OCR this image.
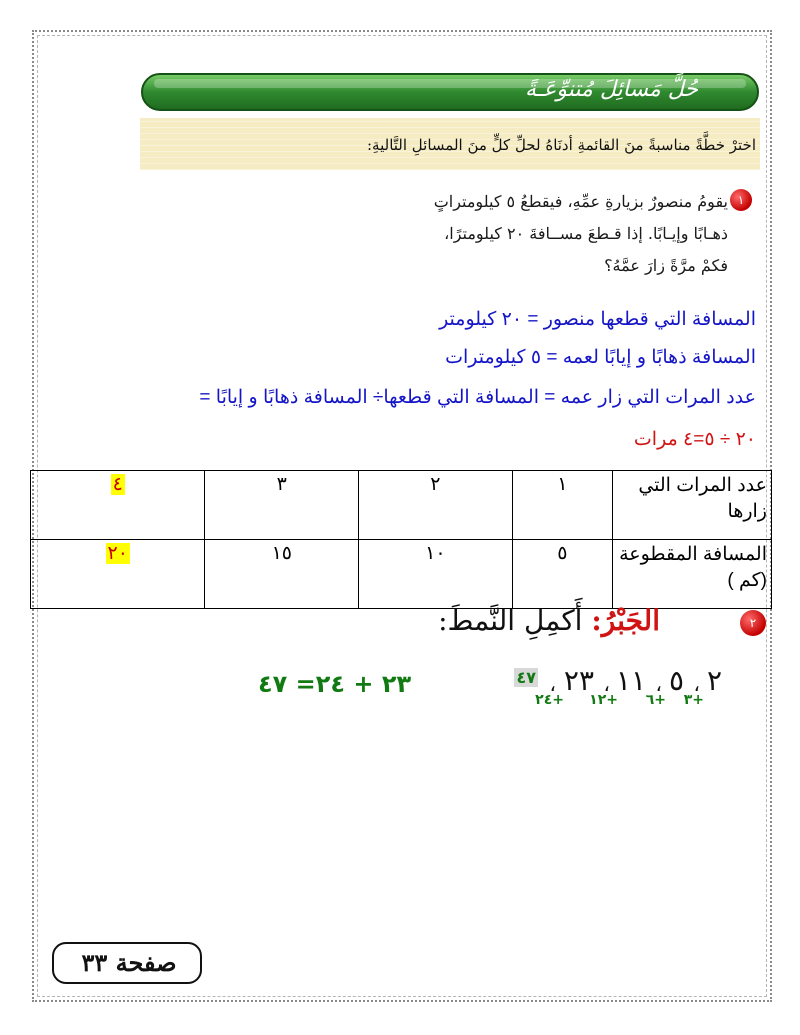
حُلَّ مَسائِلَ مُتنوِّعَـةً
اخترْ خطَّةً مناسبةً منَ القائمةِ أدنَاهُ لحلِّ كلٍّ منَ المسائلِ التَّاليةِ:
١
يقومُ منصورٌ بزيارةِ عمِّهِ، فيقطعُ ٥ كيلومتراتٍ
ذهـابًا وإيـابًا. إذا قـطعَ مســافةَ ٢٠ كيلومترًا،
فكمْ مرَّةً زارَ عمَّهُ؟
المسافة التي قطعها منصور = ٢٠ كيلومتر
المسافة ذهابًا و إيابًا لعمه = ٥ كيلومترات
عدد المرات التي زار عمه = المسافة التي قطعها÷ المسافة ذهابًا و إيابًا =
٢٠ ÷ ٥=٤ مرات
عدد المرات التي زارها	١	٢	٣	٤
المسافة المقطوعة (كم )	٥	١٠	١٥	٢٠
٢
الجَبْرُ: أَكمِلِ النَّمطَ:
٢٣ + ٢٤= ٤٧	٢
،
٥
،
١١
،
٢٣
،
٤٧
+٣
+٦
+١٢
+٢٤
صفحة ٣٣
